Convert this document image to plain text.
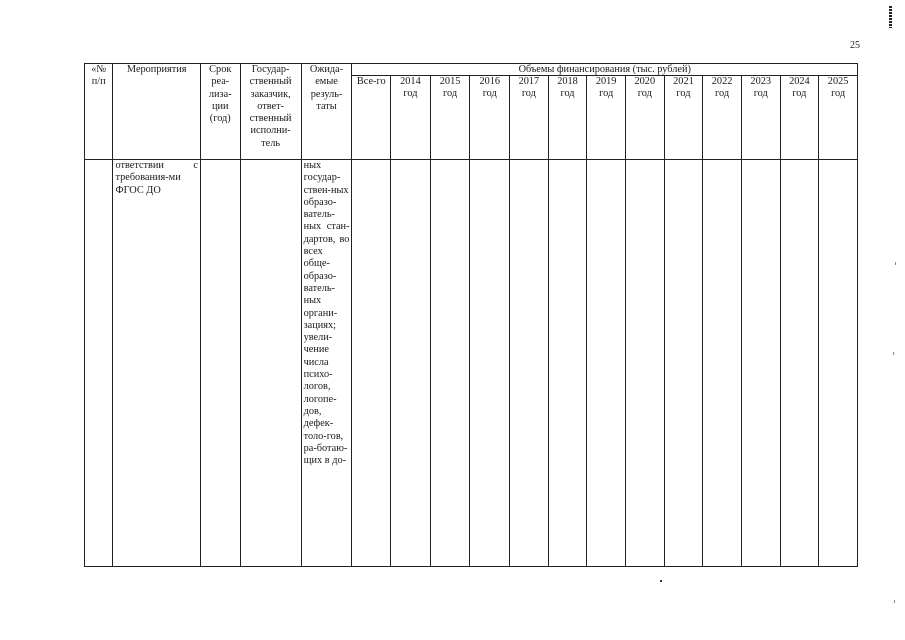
25
«№ п/п	Мероприятия	Срок реа-лиза-ции (год)	Государ-ственный заказчик, ответ-ственный исполни-тель	Ожида-емые резуль-таты	Объемы финансирования (тыс. рублей)												
					Все-го	2014 год	2015 год	2016 год	2017 год	2018 год	2019 год	2020 год	2021 год	2022 год	2023 год	2024 год	2025 год
	ответствии с требования-ми ФГОС ДО			ных государ-ствен-ных образо-ватель-ных стан-дартов, во всех обще-образо-ватель-ных органи-зациях; увели-чение числа психо-логов, логопе-дов, дефек-толо-гов, ра-ботаю-щих в до-													
